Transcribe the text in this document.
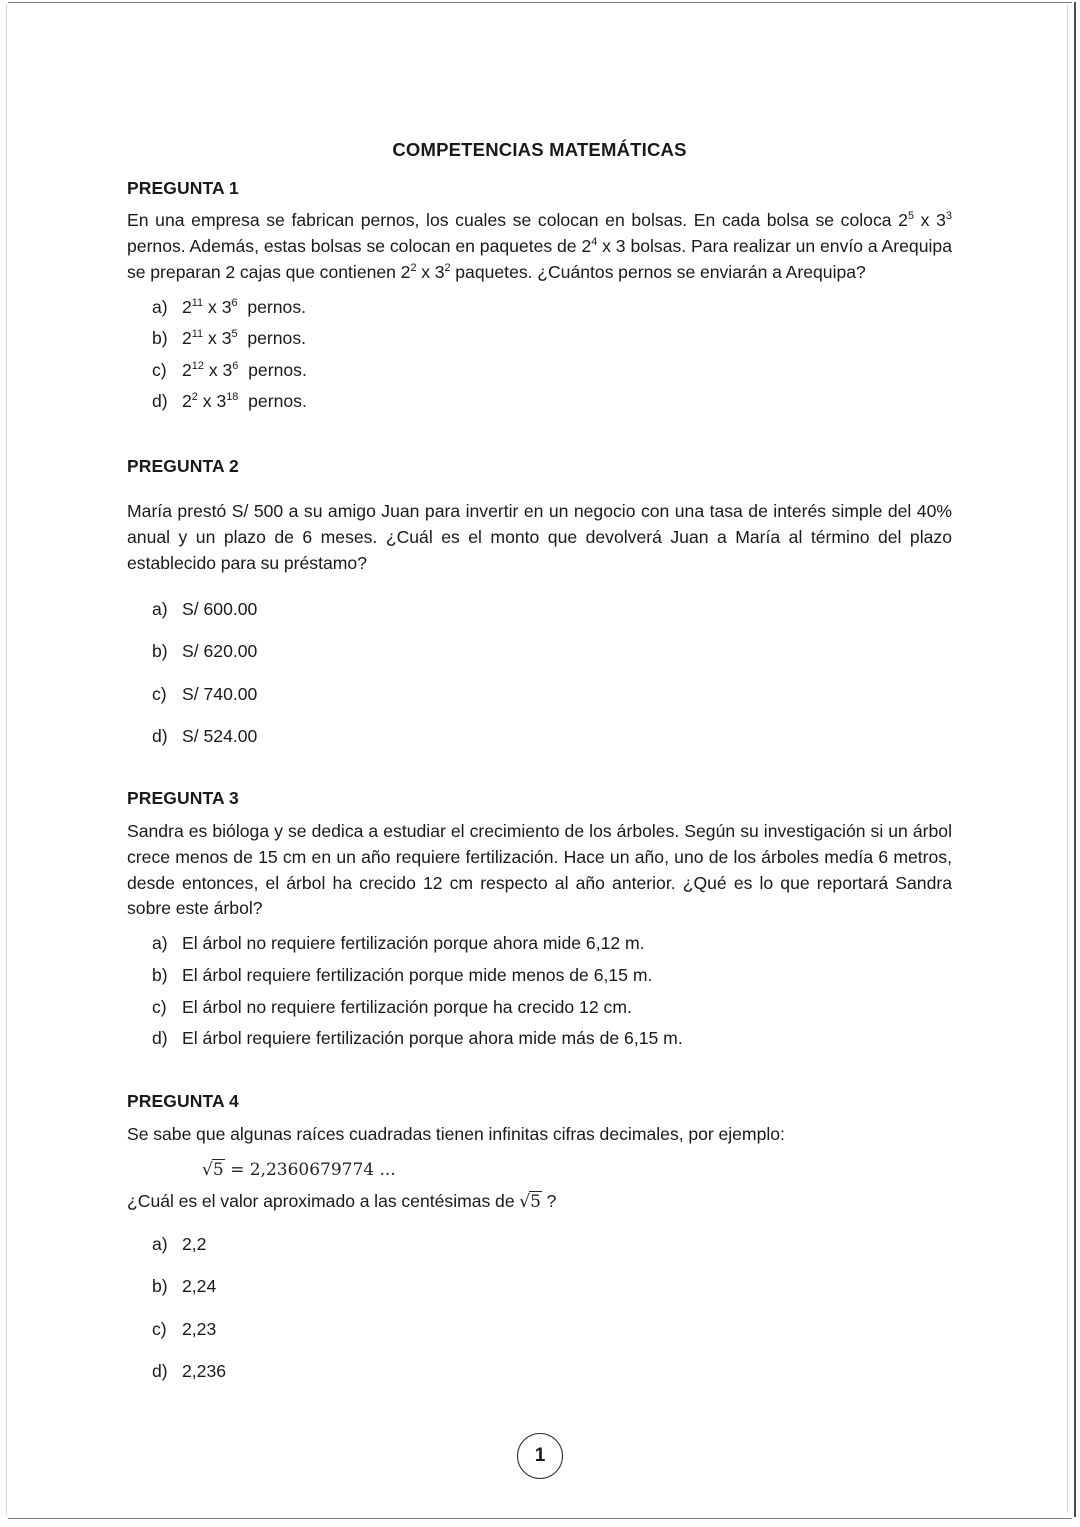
COMPETENCIAS MATEMÁTICAS
PREGUNTA 1
En una empresa se fabrican pernos, los cuales se colocan en bolsas. En cada bolsa se coloca $2^5$ x $3^3$ pernos. Además, estas bolsas se colocan en paquetes de $2^4$ x 3 bolsas. Para realizar un envío a Arequipa se preparan 2 cajas que contienen $2^2$ x $3^2$ paquetes. ¿Cuántos pernos se enviarán a Arequipa?
a) $2^{11}$ x $3^6$  pernos.
b) $2^{11}$ x $3^5$  pernos.
c) $2^{12}$ x $3^6$  pernos.
d) $2^2$ x $3^{18}$  pernos.
PREGUNTA 2
María prestó S/ 500 a su amigo Juan para invertir en un negocio con una tasa de interés simple del 40% anual y un plazo de 6 meses. ¿Cuál es el monto que devolverá Juan a María al término del plazo establecido para su préstamo?
a) S/ 600.00
b) S/ 620.00
c) S/ 740.00
d) S/ 524.00
PREGUNTA 3
Sandra es bióloga y se dedica a estudiar el crecimiento de los árboles. Según su investigación si un árbol crece menos de 15 cm en un año requiere fertilización. Hace un año, uno de los árboles medía 6 metros, desde entonces, el árbol ha crecido 12 cm respecto al año anterior. ¿Qué es lo que reportará Sandra sobre este árbol?
a) El árbol no requiere fertilización porque ahora mide 6,12 m.
b) El árbol requiere fertilización porque mide menos de 6,15 m.
c) El árbol no requiere fertilización porque ha crecido 12 cm.
d) El árbol requiere fertilización porque ahora mide más de 6,15 m.
PREGUNTA 4
Se sabe que algunas raíces cuadradas tienen infinitas cifras decimales, por ejemplo:
√5 = 2,2360679774 ...
¿Cuál es el valor aproximado a las centésimas de √5 ?
a) 2,2
b) 2,24
c) 2,23
d) 2,236
1
